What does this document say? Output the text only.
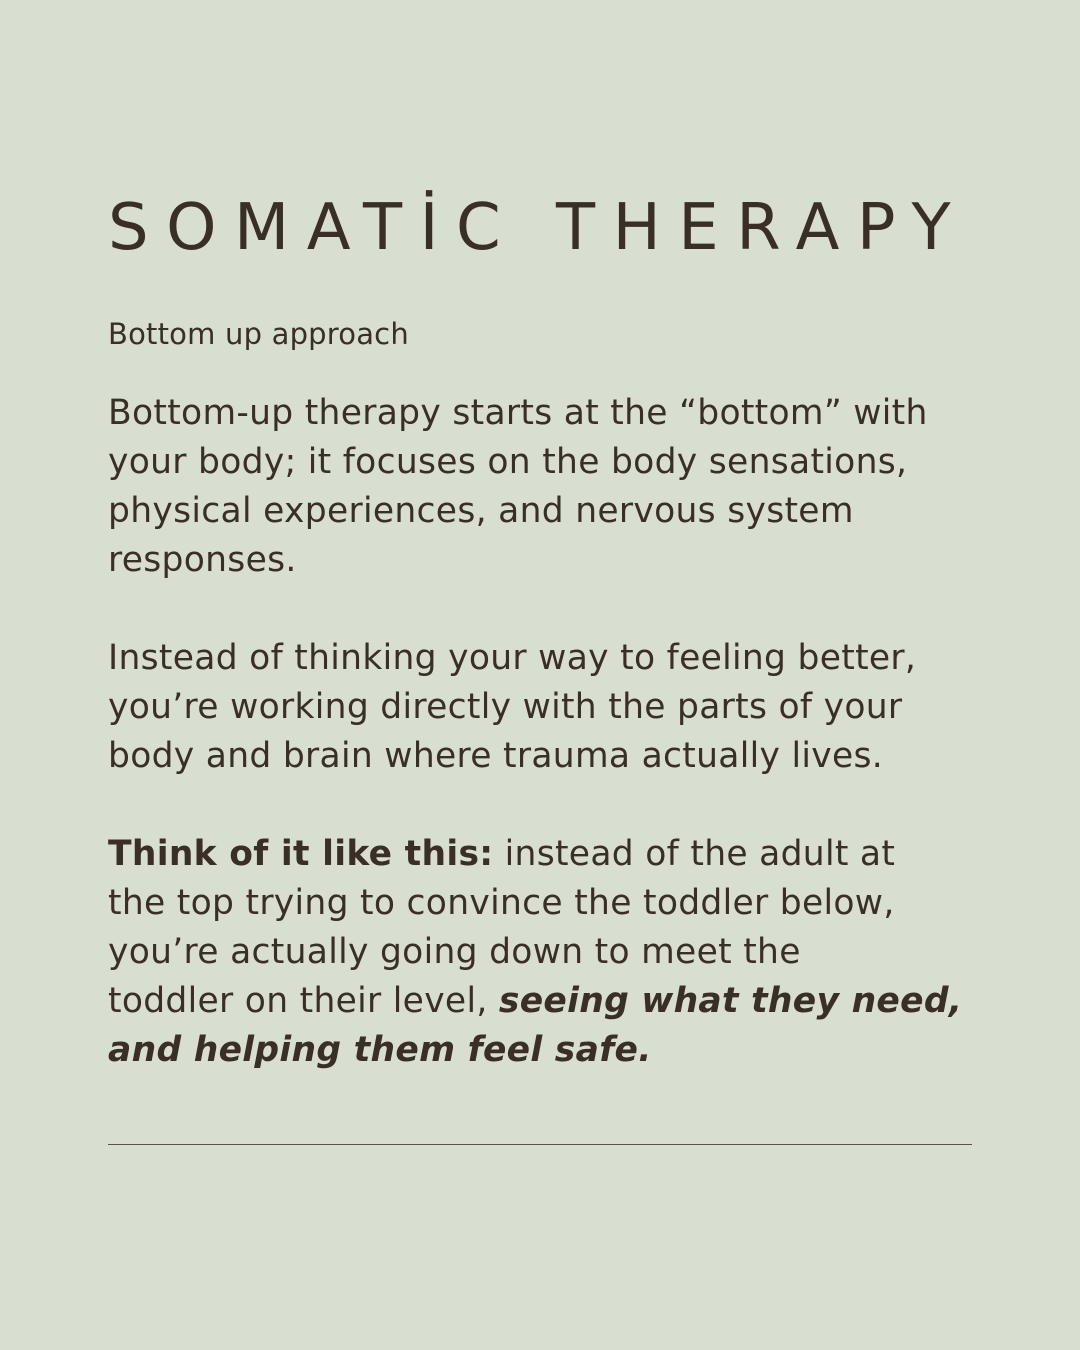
SOMATİC THERAPY

Bottom up approach

Bottom-up therapy starts at the “bottom” with
your body; it focuses on the body sensations,
physical experiences, and nervous system
responses.

Instead of thinking your way to feeling better,
you’re working directly with the parts of your
body and brain where trauma actually lives.

Think of it like this: instead of the adult at
the top trying to convince the toddler below,
you’re actually going down to meet the
toddler on their level, seeing what they need,
and helping them feel safe.
